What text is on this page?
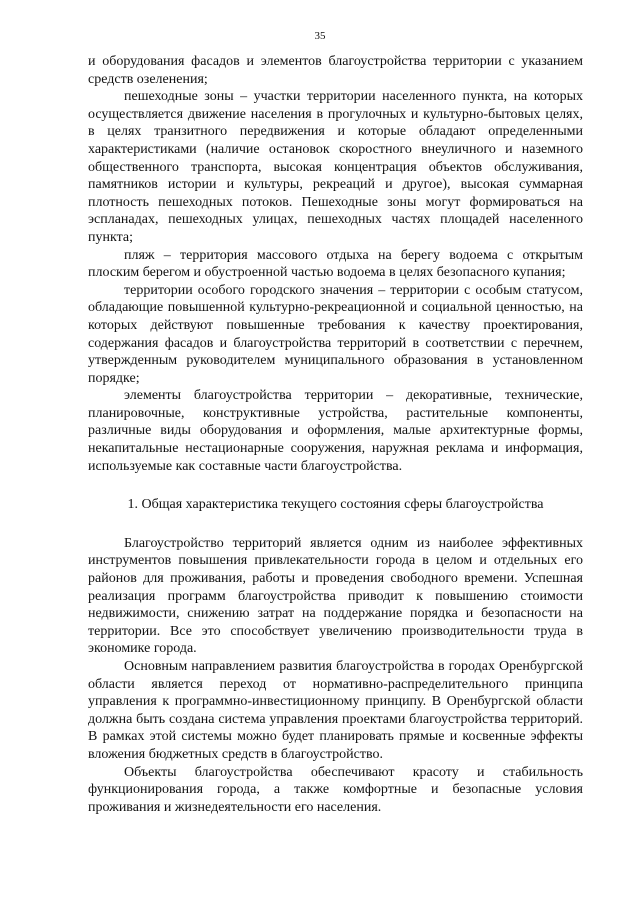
35

и оборудования фасадов и элементов благоустройства территории с указанием средств озеленения;

пешеходные зоны – участки территории населенного пункта, на которых осуществляется движение населения в прогулочных и культурно-бытовых целях, в целях транзитного передвижения и которые обладают определенными характеристиками (наличие остановок скоростного внеуличного и наземного общественного транспорта, высокая концентрация объектов обслуживания, памятников истории и культуры, рекреаций и другое), высокая суммарная плотность пешеходных потоков. Пешеходные зоны могут формироваться на эспланадах, пешеходных улицах, пешеходных частях площадей населенного пункта;

пляж – территория массового отдыха на берегу водоема с открытым плоским берегом и обустроенной частью водоема в целях безопасного купания;

территории особого городского значения – территории с особым статусом, обладающие повышенной культурно-рекреационной и социальной ценностью, на которых действуют повышенные требования к качеству проектирования, содержания фасадов и благоустройства территорий в соответствии с перечнем, утвержденным руководителем муниципального образования в установленном порядке;

элементы благоустройства территории – декоративные, технические, планировочные, конструктивные устройства, растительные компоненты, различные виды оборудования и оформления, малые архитектурные формы, некапитальные нестационарные сооружения, наружная реклама и информация, используемые как составные части благоустройства.

1. Общая характеристика текущего состояния сферы благоустройства

Благоустройство территорий является одним из наиболее эффективных инструментов повышения привлекательности города в целом и отдельных его районов для проживания, работы и проведения свободного времени. Успешная реализация программ благоустройства приводит к повышению стоимости недвижимости, снижению затрат на поддержание порядка и безопасности на территории. Все это способствует увеличению производительности труда в экономике города.

Основным направлением развития благоустройства в городах Оренбургской области является переход от нормативно-распределительного принципа управления к программно-инвестиционному принципу. В Оренбургской области должна быть создана система управления проектами благоустройства территорий. В рамках этой системы можно будет планировать прямые и косвенные эффекты вложения бюджетных средств в благоустройство.

Объекты благоустройства обеспечивают красоту и стабильность функционирования города, а также комфортные и безопасные условия проживания и жизнедеятельности его населения.
